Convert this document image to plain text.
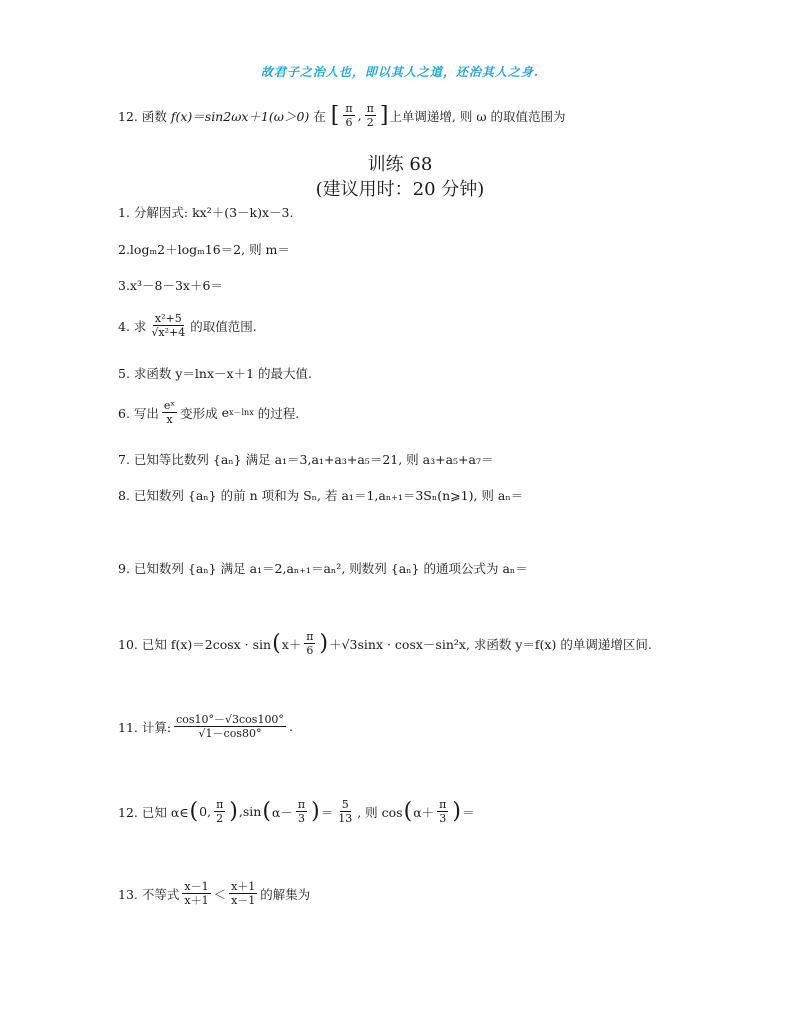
故君子之治人也，即以其人之道，还治其人之身.
12. 函数
f(x)＝sin2ωx＋1(ω＞0)
在
[ $\frac{\pi}{6}$ , $\frac{\pi}{2}$ ] 上单调递增, 则 ω 的取值范围为
训练 68
(建议用时：20 分钟)
1. 分解因式: kx²＋(3－k)x－3.
2.logₘ2＋logₘ16＝2, 则 m＝
3.x³－8－3x＋6＝
4. 求 $\frac{\text{x²+5}}{\text{√x²+4}}$ 的取值范围.
5. 求函数 y＝lnx－x＋1 的最大值.
6. 写出 $\frac{\text{eˣ}}{x}$ 变形成
e x－lnx
的过程.
7. 已知等比数列 {aₙ} 满足 a₁＝3,a₁+a₃+a₅＝21, 则 a₃+a₅+a₇＝
8. 已知数列 {aₙ} 的前 n 项和为 Sₙ, 若 a₁＝1,aₙ₊₁＝3Sₙ(n⩾1), 则 aₙ＝
9. 已知数列 {aₙ} 满足 a₁＝2,aₙ₊₁＝aₙ², 则数列 {aₙ} 的通项公式为 aₙ＝
10. 已知 f(x)＝2cosx · sin ( $x+ \frac{\pi}{6}$ ) ＋√3sinx · cosx－sin²x, 求函数 y＝f(x) 的单调递增区间.
11. 计算: $\frac{\cos 10^\circ-√3\cos 100^\circ}{√1-\cos 80^\circ}$ .
12. 已知 α∈ ( 0, $\frac{\pi}{2}$ ) ,sin ( $\alpha- \frac{\pi}{3}$ ) ＝ $\frac{5}{13}$ , 则 cos ( $\alpha+ \frac{\pi}{3}$ ) ＝
13. 不等式 $\frac{x-1}{x+1} < \frac{x+1}{x-1}$ 的解集为
